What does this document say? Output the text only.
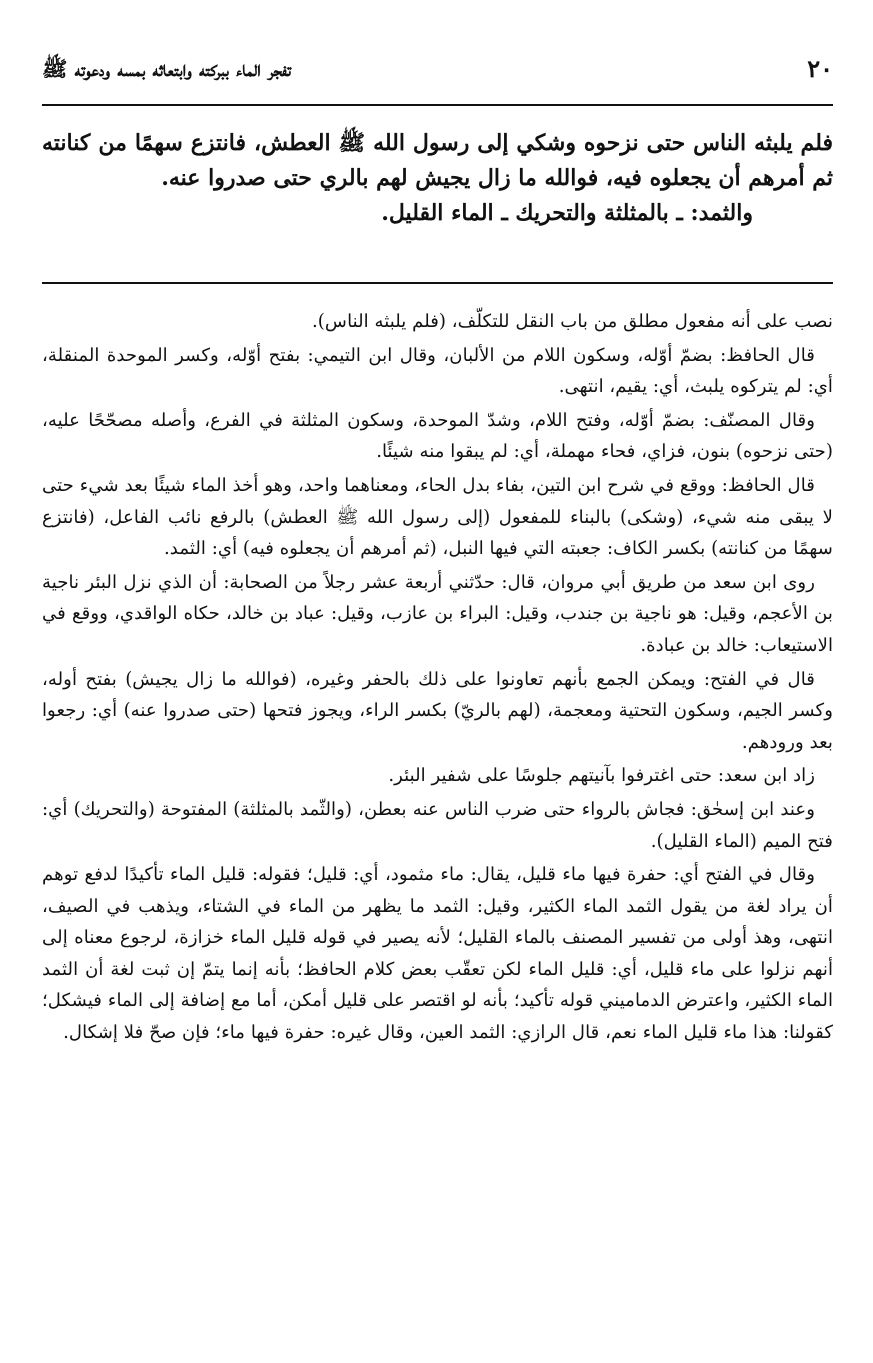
٢٠
تفجر الماء ببركته وابتعاثه بمسه ودعوته ﷺ

فلم يلبثه الناس حتى نزحوه وشكي إلى رسول الله ﷺ العطش، فانتزع سهمًا من كنانته ثم أمرهم أن يجعلوه فيه، فوالله ما زال يجيش لهم بالري حتى صدروا عنه.

والثمد: ـ بالمثلثة والتحريك ـ الماء القليل.

نصب على أنه مفعول مطلق من باب النقل للتكلّف، (فلم يلبثه الناس).

قال الحافظ: بضمّ أوّله، وسكون اللام من الألبان، وقال ابن التيمي: بفتح أوّله، وكسر الموحدة المنقلة، أي: لم يتركوه يلبث، أي: يقيم، انتهى.

وقال المصنّف: بضمّ أوّله، وفتح اللام، وشدّ الموحدة، وسكون المثلثة في الفرع، وأصله مصحّحًا عليه، (حتى نزحوه) بنون، فزاي، فحاء مهملة، أي: لم يبقوا منه شيئًا.

قال الحافظ: ووقع في شرح ابن التين، بفاء بدل الحاء، ومعناهما واحد، وهو أخذ الماء شيئًا بعد شيء حتى لا يبقى منه شيء، (وشكى) بالبناء للمفعول (إلى رسول الله ﷺ العطش) بالرفع نائب الفاعل، (فانتزع سهمًا من كنانته) بكسر الكاف: جعبته التي فيها النبل، (ثم أمرهم أن يجعلوه فيه) أي: الثمد.

روى ابن سعد من طريق أبي مروان، قال: حدّثني أربعة عشر رجلاً من الصحابة: أن الذي نزل البئر ناجية بن الأعجم، وقيل: هو ناجية بن جندب، وقيل: البراء بن عازب، وقيل: عباد بن خالد، حكاه الواقدي، ووقع في الاستيعاب: خالد بن عبادة.

قال في الفتح: ويمكن الجمع بأنهم تعاونوا على ذلك بالحفر وغيره، (فوالله ما زال يجيش) بفتح أوله، وكسر الجيم، وسكون التحتية ومعجمة، (لهم بالريّ) بكسر الراء، ويجوز فتحها (حتى صدروا عنه) أي: رجعوا بعد ورودهم.

زاد ابن سعد: حتى اغترفوا بآنيتهم جلوسًا على شفير البئر.

وعند ابن إسحٰق: فجاش بالرواء حتى ضرب الناس عنه بعطن، (والثّمد بالمثلثة) المفتوحة (والتحريك) أي: فتح الميم (الماء القليل).

وقال في الفتح أي: حفرة فيها ماء قليل، يقال: ماء مثمود، أي: قليل؛ فقوله: قليل الماء تأكيدًا لدفع توهم أن يراد لغة من يقول الثمد الماء الكثير، وقيل: الثمد ما يظهر من الماء في الشتاء، ويذهب في الصيف، انتهى، وهذ أولى من تفسير المصنف بالماء القليل؛ لأنه يصير في قوله قليل الماء خزازة، لرجوع معناه إلى أنهم نزلوا على ماء قليل، أي: قليل الماء لكن تعقّب بعض كلام الحافظ؛ بأنه إنما يتمّ إن ثبت لغة أن الثمد الماء الكثير، واعترض الدماميني قوله تأكيد؛ بأنه لو اقتصر على قليل أمكن، أما مع إضافة إلى الماء فيشكل؛ كقولنا: هذا ماء قليل الماء نعم، قال الرازي: الثمد العين، وقال غيره: حفرة فيها ماء؛ فإن صحّ فلا إشكال.
